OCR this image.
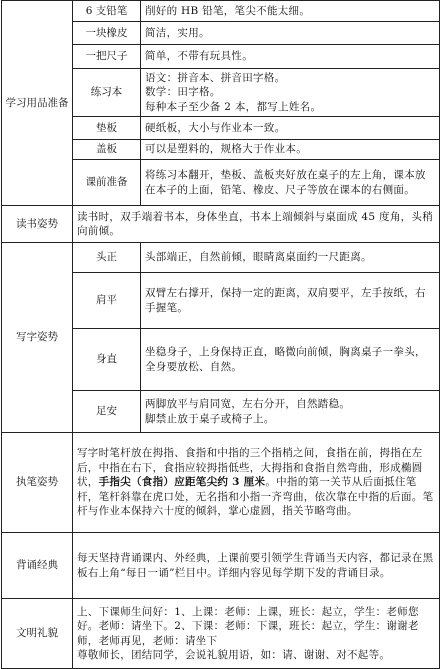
学习用品准备	6 支铅笔	削好的 HB 铅笔，笔尖不能太细。

	一块橡皮	简洁，实用。

	一把尺子	简单，不带有玩具性。

	练习本	语文：拼音本、拼音田字格。
数学：田字格。
每种本子至少备 2 本，都写上姓名。

	垫板	硬纸板，大小与作业本一致。

	盖板	可以是塑料的，规格大于作业本。

	课前准备	将练习本翻开，垫板、盖板夹好放在桌子的左上角，课本放在本子的上面，铅笔、橡皮、尺子等放在课本的右侧面。

读书姿势	读书时，双手端着书本，身体坐直，书本上端倾斜与桌面成 45 度角，头稍向前倾。	
写字姿势	头正	头部端正，自然前倾，眼睛离桌面约一尺距离。

	肩平	双臂左右撑开，保持一定的距离，双肩要平，左手按纸，右手握笔。

	身直	坐稳身子，上身保持正直，略微向前倾，胸离桌子一拳头，全身要放松、自然。

	足安	两脚放平与肩同宽，左右分开，自然踏稳。
脚禁止放于桌子或椅子上。

执笔姿势	写字时笔杆放在拇指、食指和中指的三个指梢之间，食指在前，拇指在左后，中指在右下，食指应较拇指低些，大拇指和食指自然弯曲，形成椭圆状，手指尖（食指）应距笔尖约 3 厘米。中指的第一关节从后面抵住笔杆，笔杆斜靠在虎口处，无名指和小指一齐弯曲，依次靠在中指的后面。笔杆与作业本保持六十度的倾斜，掌心虚圆，指关节略弯曲。	
背诵经典	每天坚持背诵课内、外经典，上课前要引领学生背诵当天内容，都记录在黑板右上角“每日一诵”栏目中。详细内容见每学期下发的背诵目录。	
文明礼貌	上、下课师生问好：1、上课：老师：上课，班长：起立，学生：老师您好。老师：请坐下。2、下课：老师：下课，班长：起立，学生：谢谢老师，老师再见，老师：请坐下
尊敬师长，团结同学，会说礼貌用语，如：请、谢谢、对不起等。	
